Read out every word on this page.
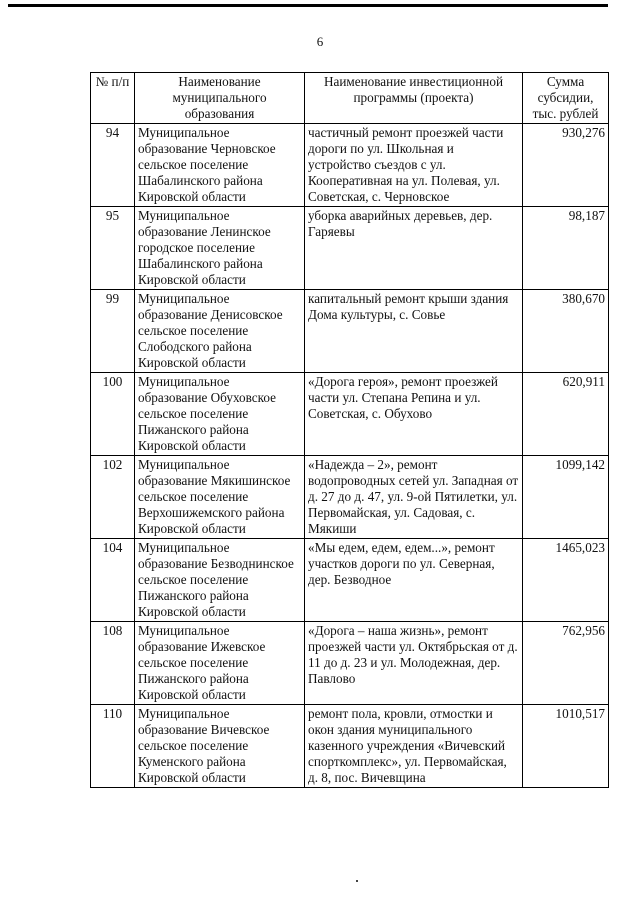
6
№ п/п	Наименование муниципального образования	Наименование инвестиционной программы (проекта)	Сумма субсидии, тыс. рублей
94	Муниципальное образование Черновское сельское поселение Шабалинского района Кировской области	частичный ремонт проезжей части дороги по ул. Школьная и устройство съездов с ул. Кооперативная на ул. Полевая, ул. Советская, с. Черновское	930,276
95	Муниципальное образование Ленинское городское поселение Шабалинского района Кировской области	уборка аварийных деревьев, дер. Гаряевы	98,187
99	Муниципальное образование Денисовское сельское поселение Слободского района Кировской области	капитальный ремонт крыши здания Дома культуры, с. Совье	380,670
100	Муниципальное образование Обуховское сельское поселение Пижанского района Кировской области	«Дорога героя», ремонт проезжей части ул. Степана Репина и ул. Советская, с. Обухово	620,911
102	Муниципальное образование Мякишинское сельское поселение Верхошижемского района Кировской области	«Надежда – 2», ремонт водопроводных сетей ул. Западная от д. 27 до д. 47, ул. 9-ой Пятилетки, ул. Первомайская, ул. Садовая, с. Мякиши	1099,142
104	Муниципальное образование Безводнинское сельское поселение Пижанского района Кировской области	«Мы едем, едем, едем...», ремонт участков дороги по ул. Северная, дер. Безводное	1465,023
108	Муниципальное образование Ижевское сельское поселение Пижанского района Кировской области	«Дорога – наша жизнь», ремонт проезжей части ул. Октябрьская от д. 11 до д. 23 и ул. Молодежная, дер. Павлово	762,956
110	Муниципальное образование Вичевское сельское поселение Куменского района Кировской области	ремонт пола, кровли, отмостки и окон здания муниципального казенного учреждения «Вичевский спорткомплекс», ул. Первомайская, д. 8, пос. Вичевщина	1010,517
